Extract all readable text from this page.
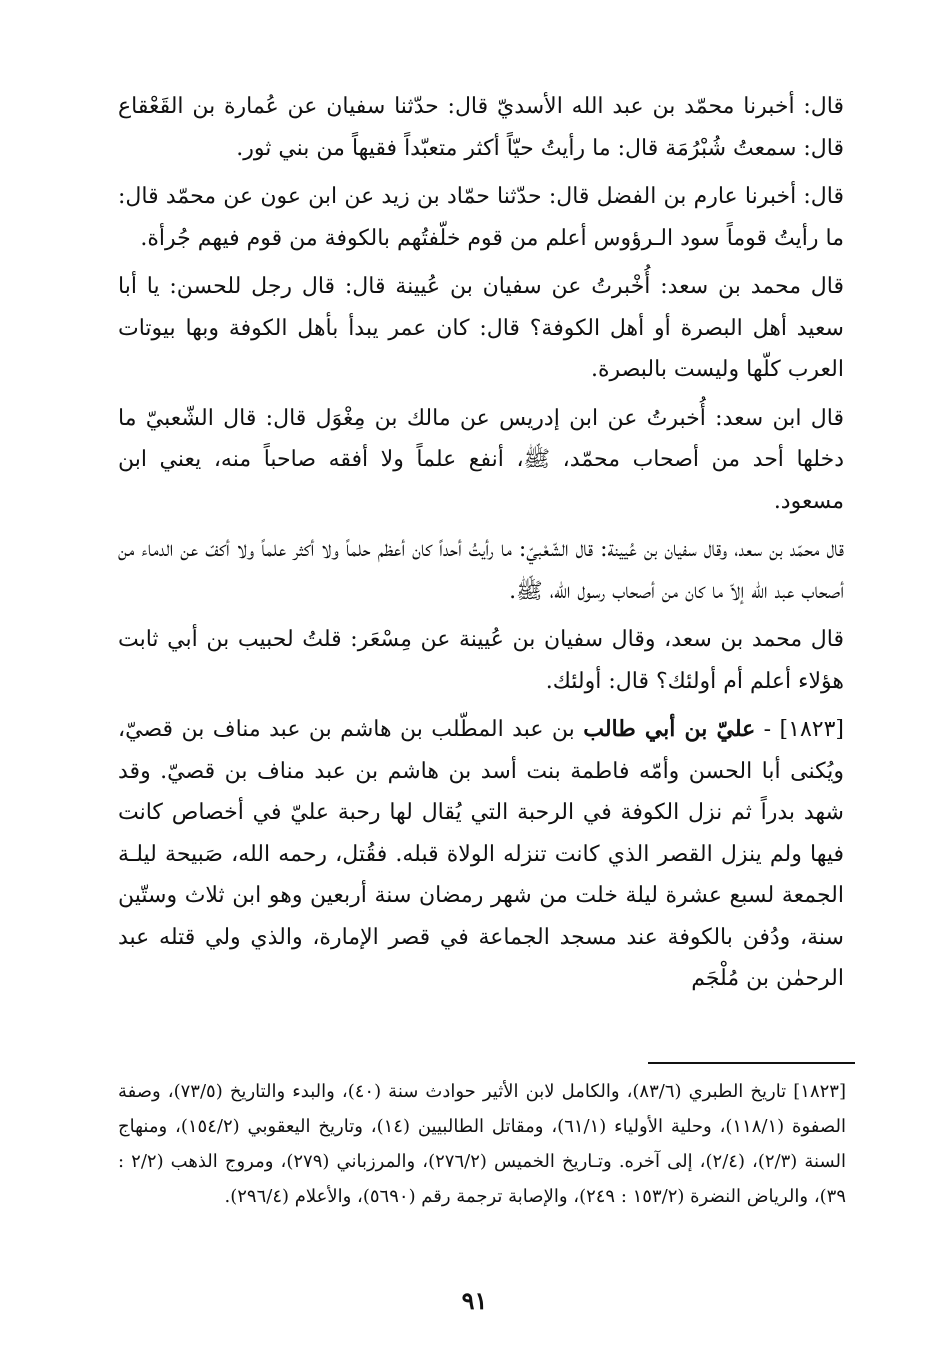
قال: أخبرنا محمّد بن عبد الله الأسديّ قال: حدّثنا سفيان عن عُمارة بن القَعْقاع قال: سمعتُ شُبْرُمَة قال: ما رأيتُ حيّاً أكثر متعبّداً فقيهاً من بني ثور.

قال: أخبرنا عارم بن الفضل قال: حدّثنا حمّاد بن زيد عن ابن عون عن محمّد قال: ما رأيتُ قوماً سود الـرؤوس أعلم من قوم خلّفتُهم بالكوفة من قوم فيهم جُرأة.

قال محمد بن سعد: أُخْبرتُ عن سفيان بن عُيينة قال: قال رجل للحسن: يا أبا سعيد أهل البصرة أو أهل الكوفة؟ قال: كان عمر يبدأ بأهل الكوفة وبها بيوتات العرب كلّها وليست بالبصرة.

قال ابن سعد: أُخبرتُ عن ابن إدريس عن مالك بن مِغْوَل قال: قال الشّعبيّ ما دخلها أحد من أصحاب محمّد، ﷺ، أنفع علماً ولا أفقه صاحباً منه، يعني ابن مسعود.

قال محمّد بن سعد، وقال سفيان بن عُيينة: قال الشّعْبيّ: ما رأيتُ أحداً كان أعظم حلماً ولا أكثر علماً ولا أكفّ عن الدماء من أصحاب عبد الله إلاّ ما كان من أصحاب رسول الله، ﷺ.

قال محمد بن سعد، وقال سفيان بن عُيينة عن مِسْعَر: قلتُ لحبيب بن أبي ثابت هؤلاء أعلم أم أولئك؟ قال: أولئك.

[١٨٢٣] - عليّ بن أبي طالب بن عبد المطّلب بن هاشم بن عبد مناف بن قصيّ، ويُكنى أبا الحسن وأمّه فاطمة بنت أسد بن هاشم بن عبد مناف بن قصيّ. وقد شهد بدراً ثم نزل الكوفة في الرحبة التي يُقال لها رحبة عليّ في أخصاص كانت فيها ولم ينزل القصر الذي كانت تنزله الولاة قبله. فقُتل، رحمه الله، صَبيحة ليلـة الجمعة لسبع عشرة ليلة خلت من شهر رمضان سنة أربعين وهو ابن ثلاث وستّين سنة، ودُفن بالكوفة عند مسجد الجماعة في قصر الإمارة، والذي ولي قتله عبد الرحمٰن بن مُلْجَم

[١٨٢٣] تاريخ الطبري (٨٣/٦)، والكامل لابن الأثير حوادث سنة (٤٠)، والبدء والتاريخ (٧٣/٥)، وصفة الصفوة (١١٨/١)، وحلية الأولياء (٦١/١)، ومقاتل الطالبيين (١٤)، وتاريخ اليعقوبي (١٥٤/٢)، ومنهاج السنة (٢/٣)، (٢/٤)، إلى آخره. وتـاريخ الخميس (٢٧٦/٢)، والمرزباني (٢٧٩)، ومروج الذهب (٢/٢ : ٣٩)، والرياض النضرة (١٥٣/٢ : ٢٤٩)، والإصابة ترجمة رقم (٥٦٩٠)، والأعلام (٢٩٦/٤).

٩١
